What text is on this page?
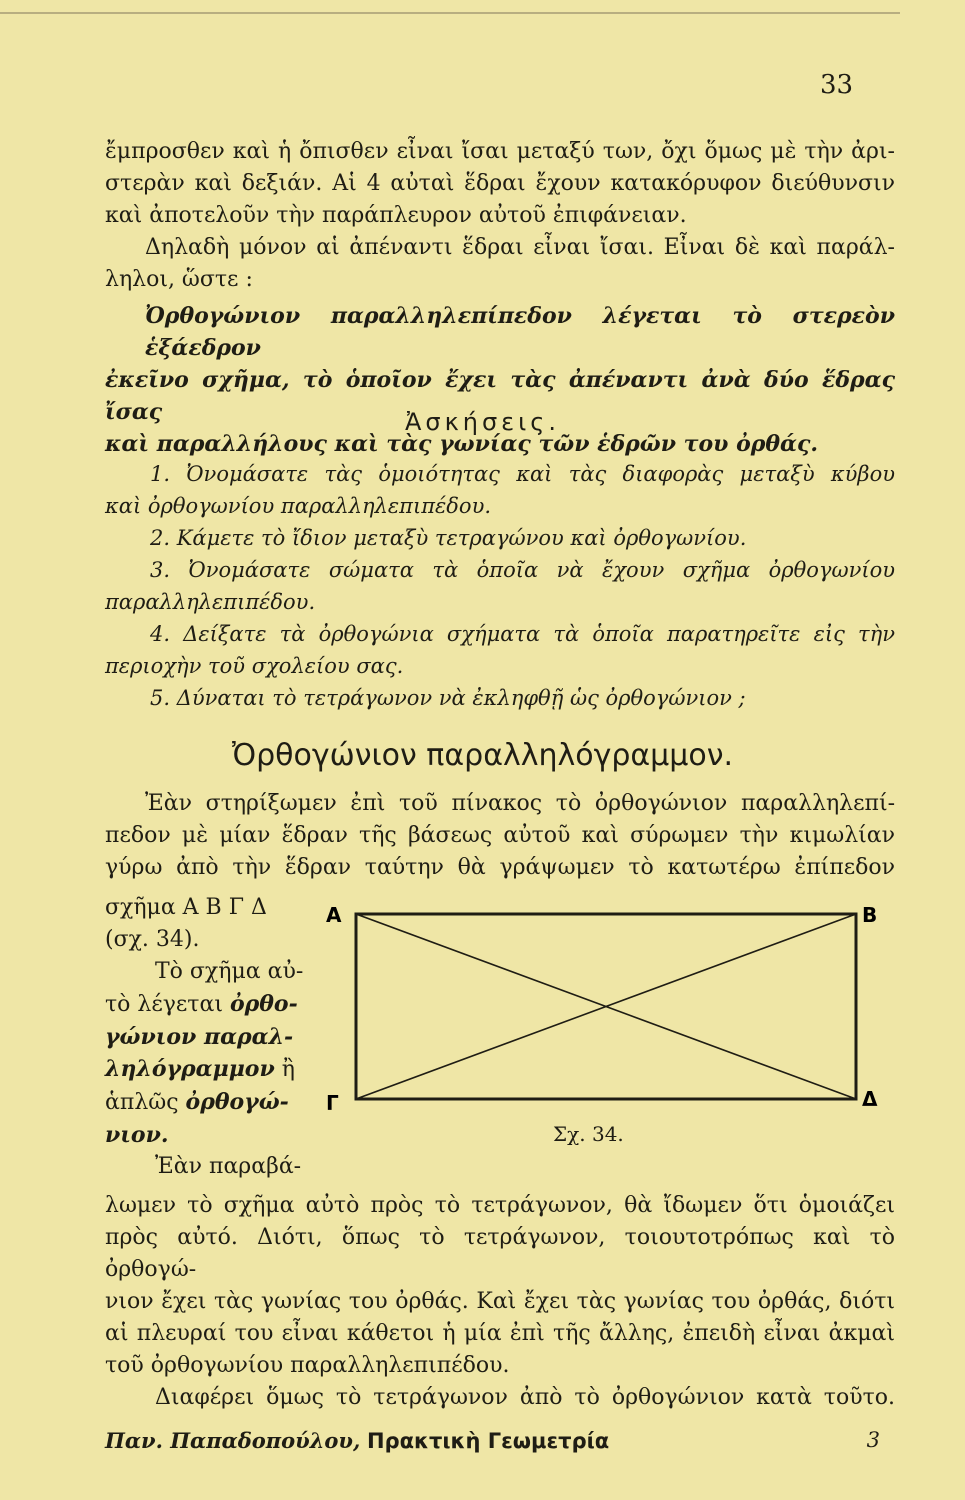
33
ἔμπροσθεν καὶ ἡ ὄπισθεν εἶναι ἴσαι μεταξύ των, ὄχι ὅμως μὲ τὴν ἀρι-
στερὰν καὶ δεξιάν. Αἱ 4 αὐταὶ ἕδραι ἔχουν κατακόρυφον διεύθυνσιν
καὶ ἀποτελοῦν τὴν παράπλευρον αὐτοῦ ἐπιφάνειαν.
Δηλαδὴ μόνον αἱ ἀπέναντι ἕδραι εἶναι ἴσαι. Εἶναι δὲ καὶ παράλ-
ληλοι, ὥστε :
Ὀρθογώνιον παραλληλεπίπεδον λέγεται τὸ στερεὸν ἑξάεδρον
ἐκεῖνο σχῆμα, τὸ ὁποῖον ἔχει τὰς ἀπέναντι ἀνὰ δύο ἕδρας ἴσας
καὶ παραλλήλους καὶ τὰς γωνίας τῶν ἑδρῶν του ὀρθάς.
Ἀσκήσεις.
1. Ὀνομάσατε τὰς ὁμοιότητας καὶ τὰς διαφορὰς μεταξὺ κύβου
καὶ ὀρθογωνίου παραλληλεπιπέδου.
2. Κάμετε τὸ ἴδιον μεταξὺ τετραγώνου καὶ ὀρθογωνίου.
3. Ὀνομάσατε σώματα τὰ ὁποῖα νὰ ἔχουν σχῆμα ὀρθογωνίου
παραλληλεπιπέδου.
4. Δείξατε τὰ ὀρθογώνια σχήματα τὰ ὁποῖα παρατηρεῖτε εἰς τὴν
περιοχὴν τοῦ σχολείου σας.
5. Δύναται τὸ τετράγωνον νὰ ἐκληφθῇ ὡς ὀρθογώνιον ;
Ὀρθογώνιον παραλληλόγραμμον.
Ἐὰν στηρίξωμεν ἐπὶ τοῦ πίνακος τὸ ὀρθογώνιον παραλληλεπί-
πεδον μὲ μίαν ἕδραν τῆς βάσεως αὐτοῦ καὶ σύρωμεν τὴν κιμωλίαν
γύρω ἀπὸ τὴν ἕδραν ταύτην θὰ γράψωμεν τὸ κατωτέρω ἐπίπεδον
σχῆμα Α Β Γ Δ
(σχ. 34).
Τὸ σχῆμα αὐ-
τὸ λέγεται ὀρθο-
γώνιον παραλ-
ληλόγραμμον ἢ
ἁπλῶς ὀρθογώ-
νιον.
Ἐὰν παραβά-
Α	Β
Γ	Δ
Σχ. 34.
λωμεν τὸ σχῆμα αὐτὸ πρὸς τὸ τετράγωνον, θὰ ἴδωμεν ὅτι ὁμοιάζει
πρὸς αὐτό. Διότι, ὅπως τὸ τετράγωνον, τοιουτοτρόπως καὶ τὸ ὀρθογώ-
νιον ἔχει τὰς γωνίας του ὀρθάς. Καὶ ἔχει τὰς γωνίας του ὀρθάς, διότι
αἱ πλευραί του εἶναι κάθετοι ἡ μία ἐπὶ τῆς ἄλλης, ἐπειδὴ εἶναι ἀκμαὶ
τοῦ ὀρθογωνίου παραλληλεπιπέδου.
Διαφέρει ὅμως τὸ τετράγωνον ἀπὸ τὸ ὀρθογώνιον κατὰ τοῦτο.
Παν. Παπαδοπούλου, Πρακτικὴ Γεωμετρία	3
